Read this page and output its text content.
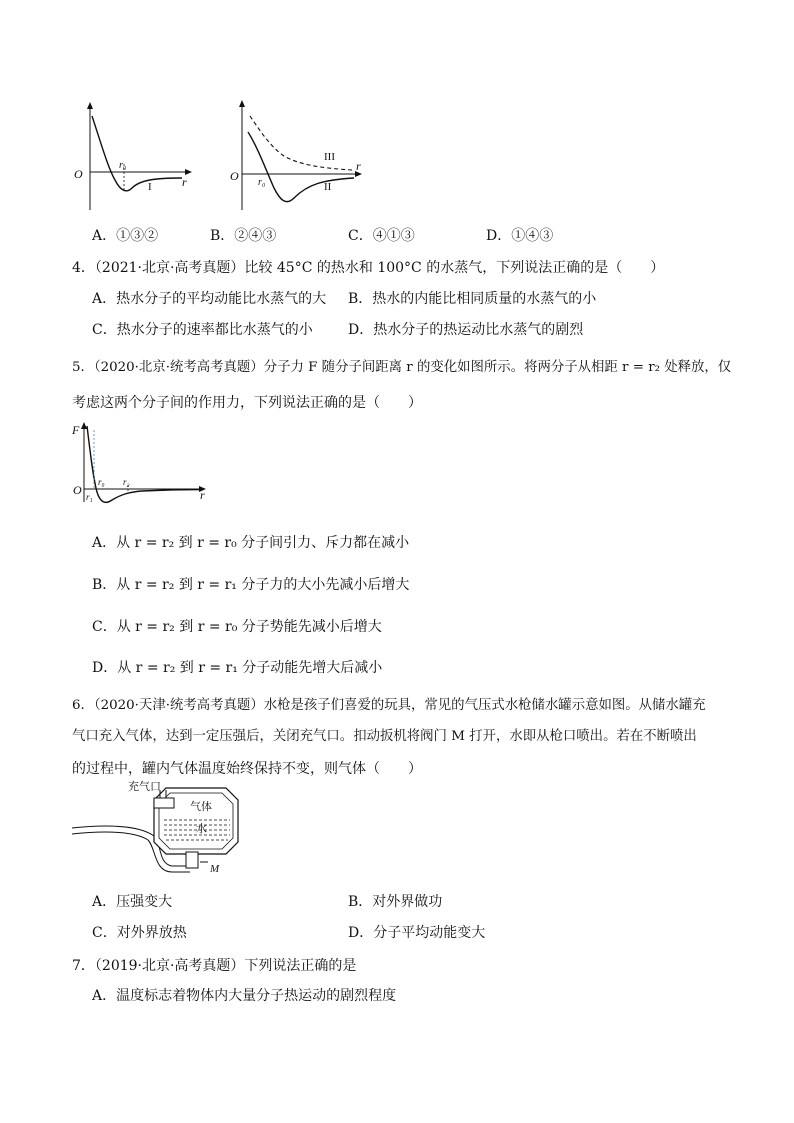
O
r₀
r
I
O r₀
r
II
III
A．①③②	B．②④③	C．④①③	D．①④③
4．（2021·北京·高考真题）比较 45°C 的热水和 100°C 的水蒸气，下列说法正确的是（　　）
A．热水分子的平均动能比水蒸气的大 B．热水的内能比相同质量的水蒸气的小
C．热水分子的速率都比水蒸气的小	D．热水分子的热运动比水蒸气的剧烈
5．（2020·北京·统考高考真题）分子力 F 随分子间距离 r 的变化如图所示。将两分子从相距 r = r₂ 处释放，仅
考虑这两个分子间的作用力，下列说法正确的是（　　）
F
O
r₀
r₁
r₂
r
A．从 r = r₂ 到 r = r₀ 分子间引力、斥力都在减小
B．从 r = r₂ 到 r = r₁ 分子力的大小先减小后增大
C．从 r = r₂ 到 r = r₀ 分子势能先减小后增大
D．从 r = r₂ 到 r = r₁ 分子动能先增大后减小
6．（2020·天津·统考高考真题）水枪是孩子们喜爱的玩具，常见的气压式水枪储水罐示意如图。从储水罐充
气口充入气体，达到一定压强后，关闭充气口。扣动扳机将阀门 M 打开，水即从枪口喷出。若在不断喷出
的过程中，罐内气体温度始终保持不变，则气体（　　）
充气口
气体
水
M
A．压强变大	B．对外界做功
C．对外界放热	D．分子平均动能变大
7．（2019·北京·高考真题）下列说法正确的是
A．温度标志着物体内大量分子热运动的剧烈程度
